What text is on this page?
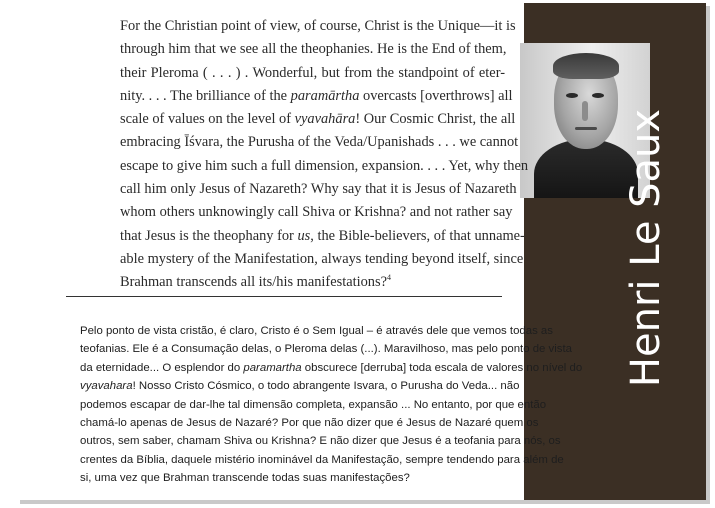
Henri Le Saux
For the Christian point of view, of course, Christ is the Unique—it is
through him that we see all the theophanies. He is the End of them,
their Pleroma ( . . . ) . Wonderful, but from the standpoint of eter-
nity. . . . The brilliance of the paramārtha overcasts [overthrows] all
scale of values on the level of vyavahāra! Our Cosmic Christ, the all
embracing Īśvara, the Purusha of the Veda/Upanishads . . . we cannot
escape to give him such a full dimension, expansion. . . . Yet, why then
call him only Jesus of Nazareth? Why say that it is Jesus of Nazareth
whom others unknowingly call Shiva or Krishna? and not rather say
that Jesus is the theophany for us, the Bible-believers, of that unname-
able mystery of the Manifestation, always tending beyond itself, since
Brahman transcends all its/his manifestations?$^4$
Pelo ponto de vista cristão, é claro, Cristo é o Sem Igual – é através dele que vemos todas as
teofanias. Ele é a Consumação delas, o Pleroma delas (...). Maravilhoso, mas pelo ponto de vista
da eternidade... O esplendor do paramartha obscurece [derruba] toda escala de valores no nível do
vyavahara! Nosso Cristo Cósmico, o todo abrangente Isvara, o Purusha do Veda... não
podemos escapar de dar-lhe tal dimensão completa, expansão ... No entanto, por que então
chamá-lo apenas de Jesus de Nazaré? Por que não dizer que é Jesus de Nazaré quem os
outros, sem saber, chamam Shiva ou Krishna? E não dizer que Jesus é a teofania para nós, os
crentes da Bíblia, daquele mistério inominável da Manifestação, sempre tendendo para além de
si, uma vez que Brahman transcende todas suas manifestações?
